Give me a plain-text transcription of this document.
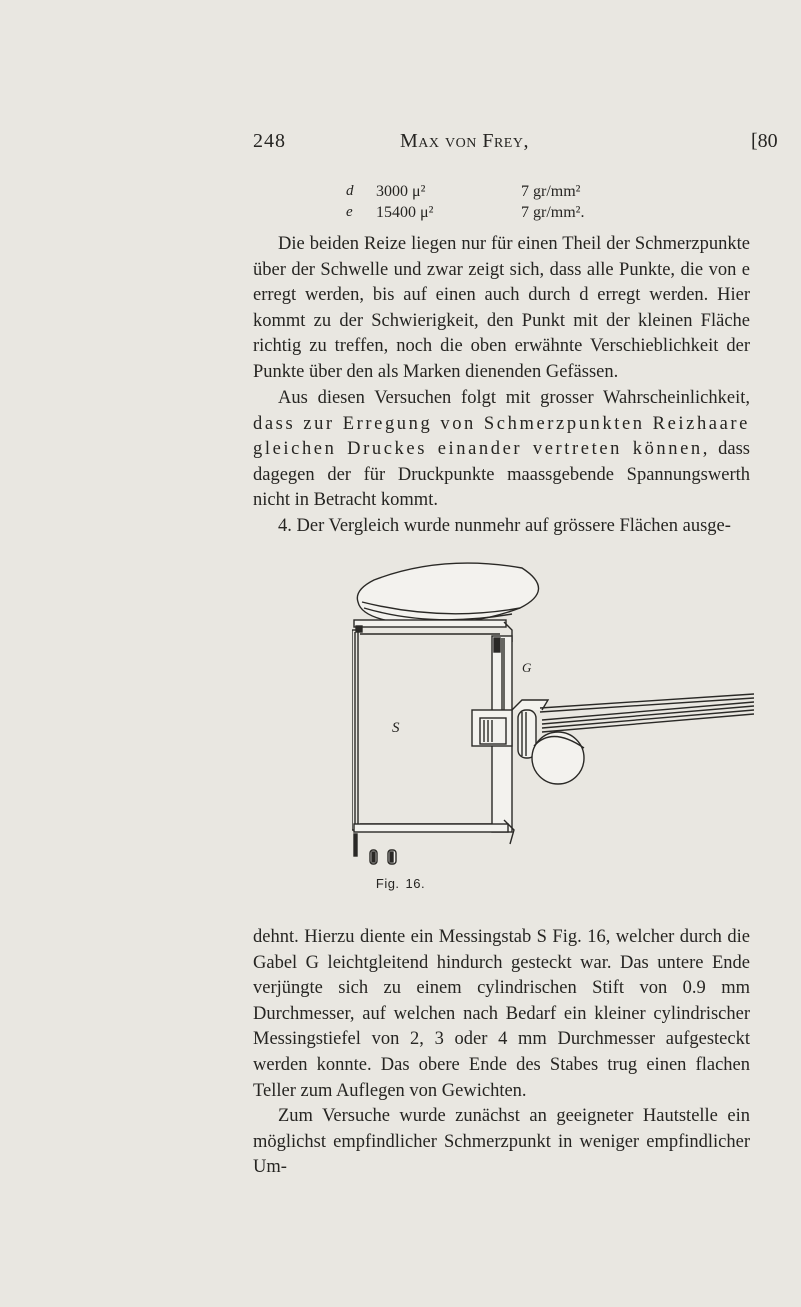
248	Max von Frey,	[80
d 3000 μ²	7 gr/mm²
e 15400 μ²	7 gr/mm².

Die beiden Reize liegen nur für einen Theil der Schmerzpunkte über der Schwelle und zwar zeigt sich, dass alle Punkte, die von e erregt werden, bis auf einen auch durch d erregt werden. Hier kommt zu der Schwierigkeit, den Punkt mit der kleinen Fläche richtig zu treffen, noch die oben erwähnte Verschieblichkeit der Punkte über den als Marken dienenden Gefässen.

Aus diesen Versuchen folgt mit grosser Wahrscheinlichkeit, dass zur Erregung von Schmerzpunkten Reizhaare gleichen Druckes einander vertreten können, dass dagegen der für Druckpunkte maassgebende Spannungswerth nicht in Betracht kommt.

4. Der Vergleich wurde nunmehr auf grössere Flächen ausge-

S
G
Fig. 16.

dehnt. Hierzu diente ein Messingstab S Fig. 16, welcher durch die Gabel G leichtgleitend hindurch gesteckt war. Das untere Ende verjüngte sich zu einem cylindrischen Stift von 0.9 mm Durchmesser, auf welchen nach Bedarf ein kleiner cylindrischer Messingstiefel von 2, 3 oder 4 mm Durchmesser aufgesteckt werden konnte. Das obere Ende des Stabes trug einen flachen Teller zum Auflegen von Gewichten.

Zum Versuche wurde zunächst an geeigneter Hautstelle ein möglichst empfindlicher Schmerzpunkt in weniger empfindlicher Um-
